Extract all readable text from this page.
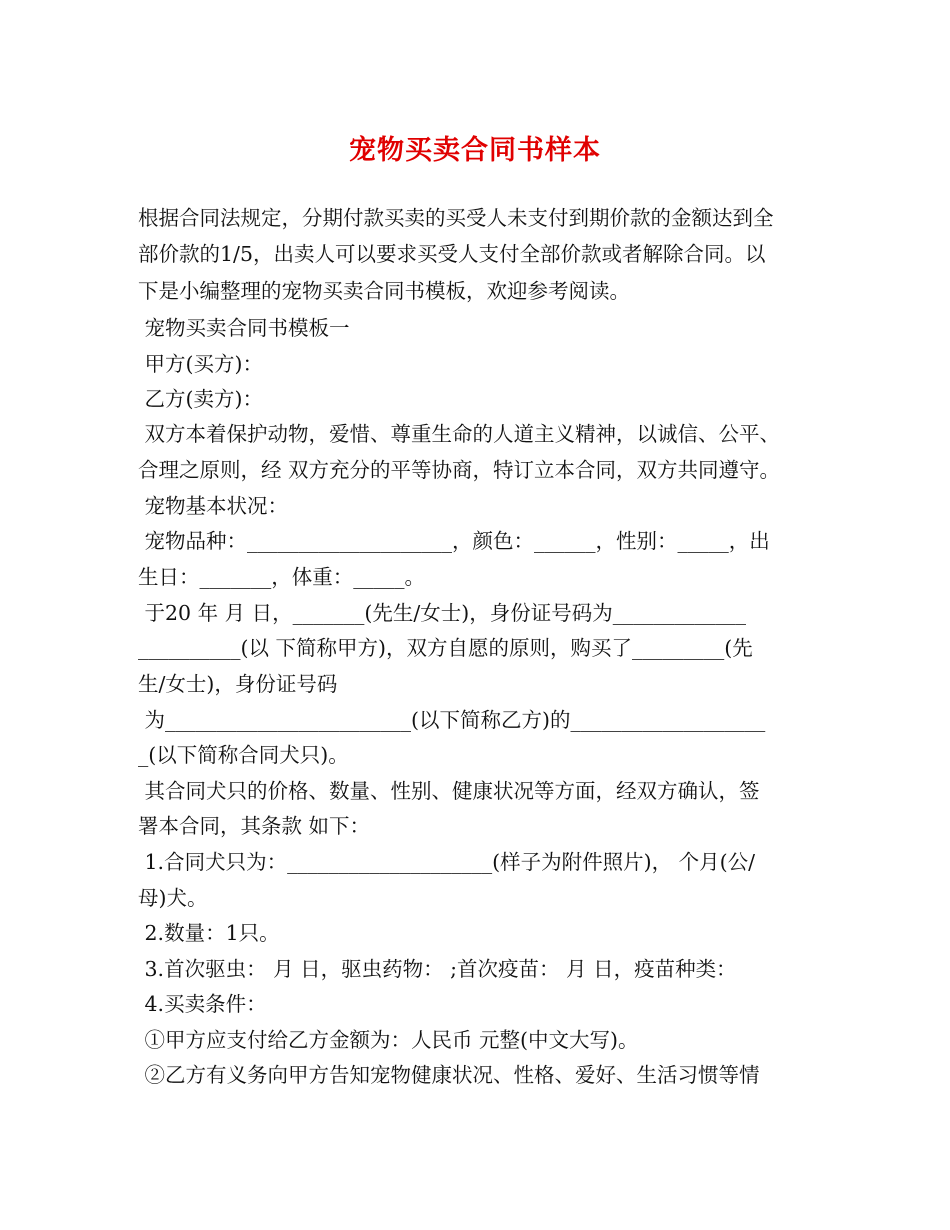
宠物买卖合同书样本
根据合同法规定，分期付款买卖的买受人未支付到期价款的金额达到全
部价款的1/5，出卖人可以要求买受人支付全部价款或者解除合同。以
下是小编整理的宠物买卖合同书模板，欢迎参考阅读。
宠物买卖合同书模板一
甲方(买方)：
乙方(卖方)：
双方本着保护动物，爱惜、尊重生命的人道主义精神，以诚信、公平、
合理之原则，经 双方充分的平等协商，特订立本合同，双方共同遵守。
宠物基本状况：
宠物品种：____________________，颜色：______，性别：_____，出
生日：_______，体重：_____。
于20 年 月 日，_______(先生/女士)，身份证号码为_____________
__________(以 下简称甲方)，双方自愿的原则，购买了_________(先
生/女士)，身份证号码
为________________________(以下简称乙方)的___________________
_(以下简称合同犬只)。
其合同犬只的价格、数量、性别、健康状况等方面，经双方确认，签
署本合同，其条款 如下：
1.合同犬只为：____________________(样子为附件照片)， 个月(公/
母)犬。
2.数量：1只。
3.首次驱虫： 月 日，驱虫药物： ;首次疫苗： 月 日，疫苗种类：
4.买卖条件：
①甲方应支付给乙方金额为：人民币 元整(中文大写)。
②乙方有义务向甲方告知宠物健康状况、性格、爱好、生活习惯等情
